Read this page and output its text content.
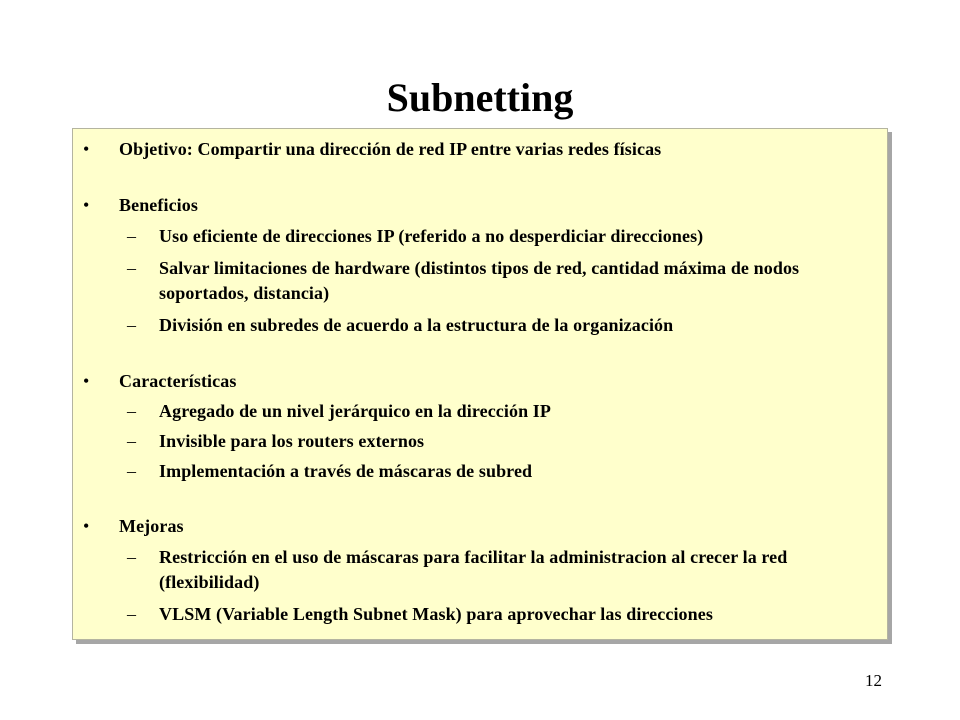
Subnetting
• Objetivo: Compartir una dirección de red IP entre varias redes físicas
• Beneficios
– Uso eficiente de direcciones IP (referido a no desperdiciar direcciones)
– Salvar limitaciones de hardware (distintos tipos de red, cantidad máxima de nodos soportados, distancia)
– División en subredes de acuerdo a la estructura de la organización
• Características
– Agregado de un nivel jerárquico en la dirección IP
– Invisible para los routers externos
– Implementación a través de máscaras de subred
• Mejoras
– Restricción en el uso de máscaras para facilitar la administracion al crecer la red (flexibilidad)
– VLSM (Variable Length Subnet Mask) para aprovechar las direcciones
12
